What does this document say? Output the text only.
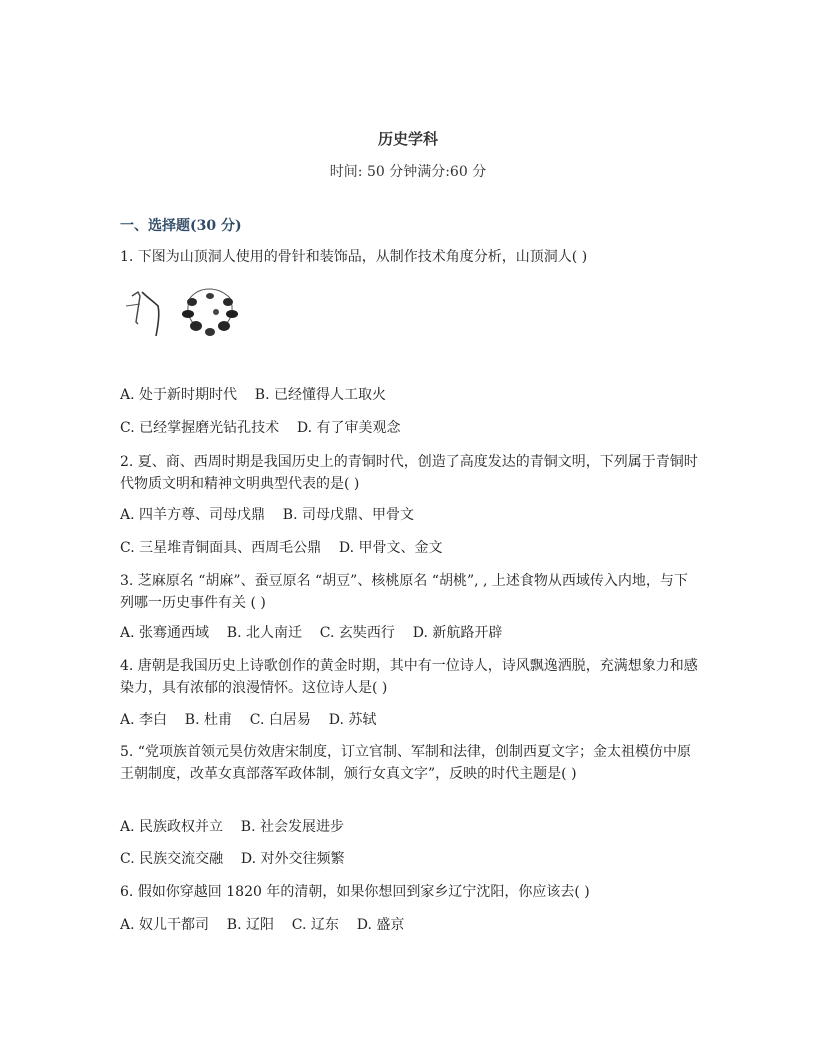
历史学科
时间: 50 分钟满分:60 分
一、选择题(30 分)
1. 下图为山顶洞人使用的骨针和装饰品，从制作技术角度分析，山顶洞人( )
A. 处于新时期时代    B. 已经懂得人工取火
C. 已经掌握磨光钻孔技术    D. 有了审美观念
2. 夏、商、西周时期是我国历史上的青铜时代，创造了高度发达的青铜文明，下列属于青铜时代物质文明和精神文明典型代表的是( )
A. 四羊方尊、司母戊鼎    B. 司母戊鼎、甲骨文
C. 三星堆青铜面具、西周毛公鼎    D. 甲骨文、金文
3. 芝麻原名 “胡麻”、蚕豆原名 “胡豆”、核桃原名 “胡桃”, , 上述食物从西域传入内地，与下列哪一历史事件有关 ( )
A. 张骞通西域    B. 北人南迁    C. 玄奘西行    D. 新航路开辟
4. 唐朝是我国历史上诗歌创作的黄金时期，其中有一位诗人，诗风飘逸洒脱，充满想象力和感染力，具有浓郁的浪漫情怀。这位诗人是( )
A. 李白    B. 杜甫    C. 白居易    D. 苏轼
5. “党项族首领元昊仿效唐宋制度，订立官制、军制和法律，创制西夏文字；金太祖模仿中原王朝制度，改革女真部落军政体制，颁行女真文字”，反映的时代主题是( )
A. 民族政权并立    B. 社会发展进步
C. 民族交流交融    D. 对外交往频繁
6. 假如你穿越回 1820 年的清朝，如果你想回到家乡辽宁沈阳，你应该去( )
A. 奴儿干都司    B. 辽阳    C. 辽东    D. 盛京
